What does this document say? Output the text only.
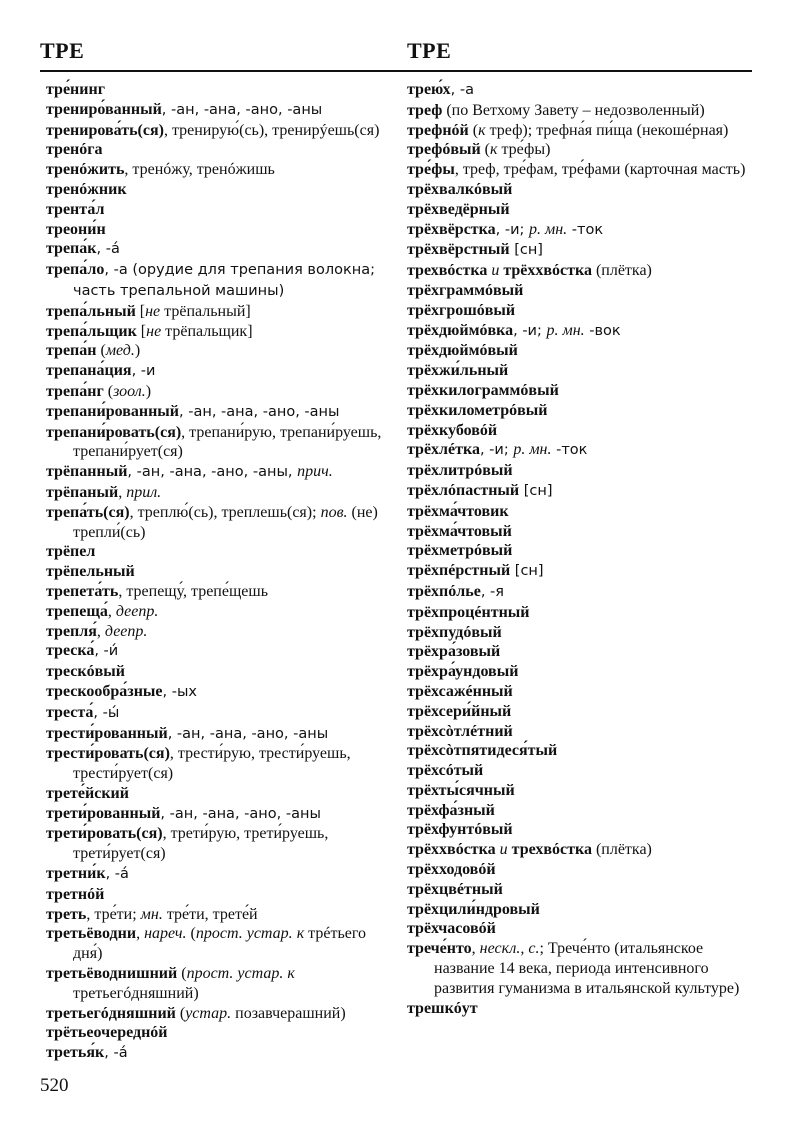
ТРЕ	ТРЕ

тре́нинг

трениро́ванный, -ан, -ана, -ано, -аны

тренирова́ть(ся), тренирую́(сь), тренирýешь(ся)

тренóга

тренóжить, тренóжу, тренóжишь

тренóжник

трента́л

треони́н

трепа́к, -а́

трепа́ло, -а (орудие для трепания волокна; часть трепальной машины)

трепа́льный [не трёпальный]

трепа́льщик [не трёпальщик]

трепа́н (мед.)

трепана́ция, -и

трепа́нг (зоол.)

трепани́рованный, -ан, -ана, -ано, -аны

трепани́ровать(ся), трепани́рую, трепани́руешь, трепани́рует(ся)

трёпанный, -ан, -ана, -ано, -аны, прич.

трёпаный, прил.

трепа́ть(ся), треплю́(сь), треплешь(ся); пов. (не) трепли́(сь)

трёпел

трёпельный

трепета́ть, трепещу́, трепе́щешь

трепеща́, деепр.

трепля́, деепр.

треска́, -и́

трескóвый

трескообра́зные, -ых

треста́, -ы́

трести́рованный, -ан, -ана, -ано, -аны

трести́ровать(ся), трести́рую, трести́руешь, трести́рует(ся)

трете́йский

трети́рованный, -ан, -ана, -ано, -аны

трети́ровать(ся), трети́рую, трети́руешь, трети́рует(ся)

третни́к, -а́

третнóй

треть, тре́ти; мн. тре́ти, трете́й

третьёводни, нареч. (прост. устар. к трéтьего дня́)

третьёводнишний (прост. устар. к третьегóдняшний)

третьегóдняшний (устар. позавчерашний)

трётьеочереднóй

третья́к, -а́

трею́х, -а

треф (по Ветхому Завету – недозволенный)

трефнóй (к треф); трефна́я пи́ща (некошéрная)

трефóвый (к тре́фы)

тре́фы, треф, тре́фам, тре́фами (карточная масть)

трёхвалкóвый

трёхведёрный

трёхвёрстка, -и; р. мн. -ток

трёхвёрстный [сн]

трехвóстка и трёххвóстка (плётка)

трёхграммóвый

трёхгрошóвый

трёхдюймóвка, -и; р. мн. -вок

трёхдюймóвый

трёхжи́льный

трёхкилограммóвый

трёхкилометрóвый

трёхкубовóй

трёхлéтка, -и; р. мн. -ток

трёхлитрóвый

трёхлóпастный [сн]

трёхма́чтовик

трёхма́чтовый

трёхметрóвый

трёхпéрстный [сн]

трёхпóлье, -я

трёхпроцéнтный

трёхпудóвый

трёхра́зовый

трёхра́ундовый

трёхсажéнный

трёхсери́йный

трёхсòтлéтний

трёхсòтпятидеся́тый

трёхсóтый

трёхты́сячный

трёхфа́зный

трёхфунтóвый

трёххвóстка и трехвóстка (плётка)

трёхходовóй

трёхцвéтный

трёхцили́ндровый

трёхчасовóй

трече́нто, нескл., с.; Трече́нто (итальянское название 14 века, периода интенсивного развития гуманизма в итальянской культуре)

трешкóут

520
